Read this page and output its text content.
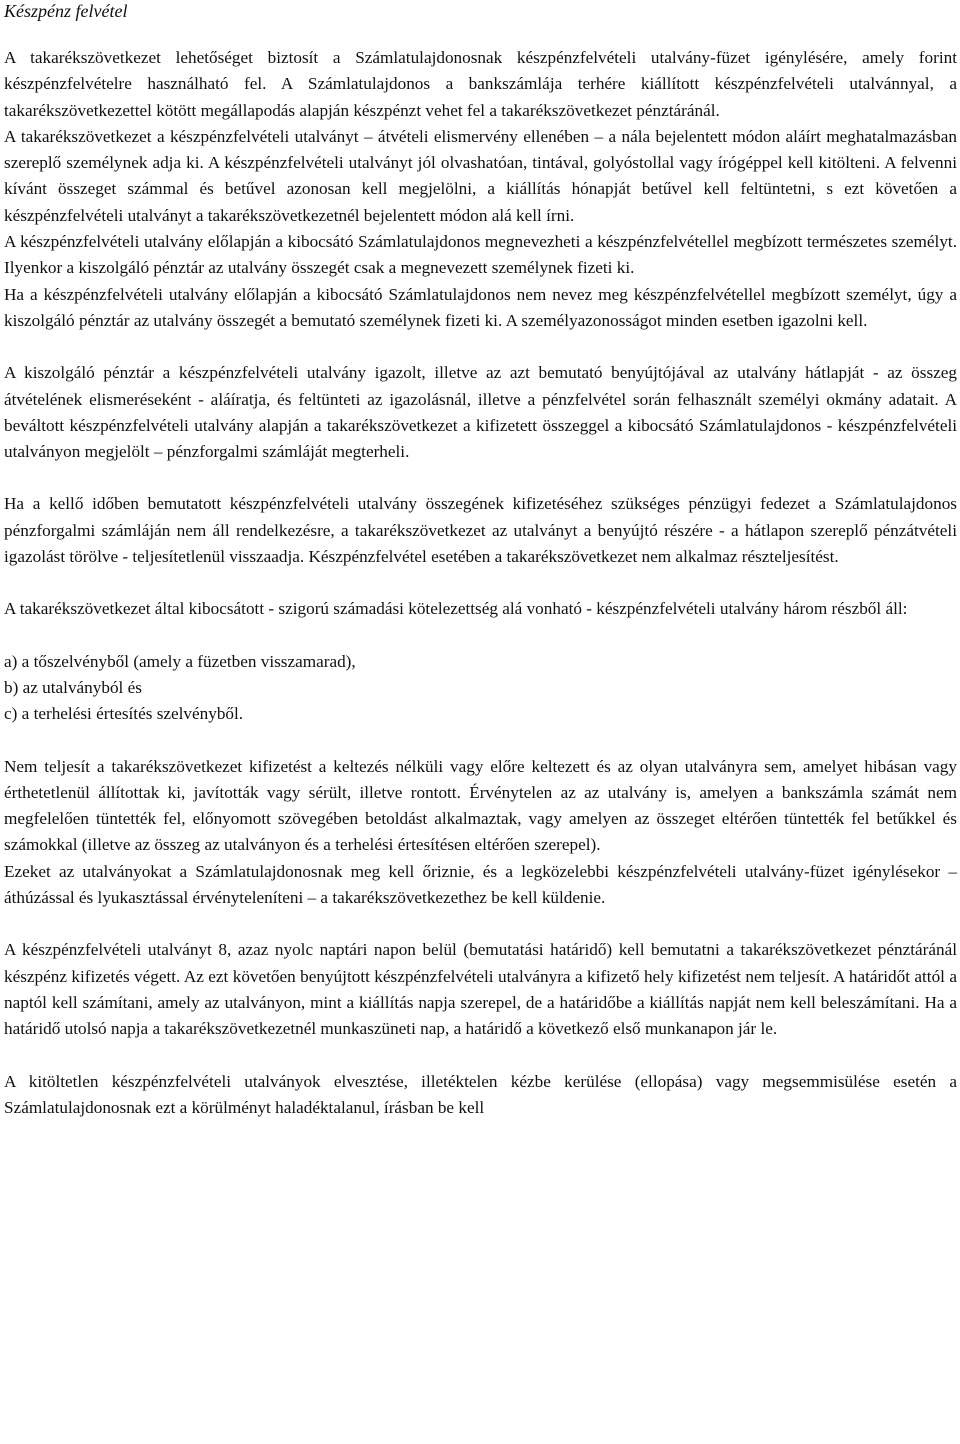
Készpénz felvétel

A takarékszövetkezet lehetőséget biztosít a Számlatulajdonosnak készpénzfelvételi utalvány-füzet igénylésére, amely forint készpénzfelvételre használható fel. A Számlatulajdonos a bankszámlája terhére kiállított készpénzfelvételi utalvánnyal, a takarékszövetkezettel kötött megállapodás alapján készpénzt vehet fel a takarékszövetkezet pénztáránál.

A takarékszövetkezet a készpénzfelvételi utalványt – átvételi elismervény ellenében – a nála bejelentett módon aláírt meghatalmazásban szereplő személynek adja ki. A készpénzfelvételi utalványt jól olvashatóan, tintával, golyóstollal vagy írógéppel kell kitölteni. A felvenni kívánt összeget számmal és betűvel azonosan kell megjelölni, a kiállítás hónapját betűvel kell feltüntetni, s ezt követően a készpénzfelvételi utalványt a takarékszövetkezetnél bejelentett módon alá kell írni.

A készpénzfelvételi utalvány előlapján a kibocsátó Számlatulajdonos megnevezheti a készpénzfelvétellel megbízott természetes személyt. Ilyenkor a kiszolgáló pénztár az utalvány összegét csak a megnevezett személynek fizeti ki.

Ha a készpénzfelvételi utalvány előlapján a kibocsátó Számlatulajdonos nem nevez meg készpénzfelvétellel megbízott személyt, úgy a kiszolgáló pénztár az utalvány összegét a bemutató személynek fizeti ki. A személyazonosságot minden esetben igazolni kell.

A kiszolgáló pénztár a készpénzfelvételi utalvány igazolt, illetve az azt bemutató benyújtójával az utalvány hátlapját - az összeg átvételének elismeréseként - aláíratja, és feltünteti az igazolásnál, illetve a pénzfelvétel során felhasznált személyi okmány adatait. A beváltott készpénzfelvételi utalvány alapján a takarékszövetkezet a kifizetett összeggel a kibocsátó Számlatulajdonos - készpénzfelvételi utalványon megjelölt – pénzforgalmi számláját megterheli.

Ha a kellő időben bemutatott készpénzfelvételi utalvány összegének kifizetéséhez szükséges pénzügyi fedezet a Számlatulajdonos pénzforgalmi számláján nem áll rendelkezésre, a takarékszövetkezet az utalványt a benyújtó részére - a hátlapon szereplő pénzátvételi igazolást törölve - teljesítetlenül visszaadja. Készpénzfelvétel esetében a takarékszövetkezet nem alkalmaz részteljesítést.

A takarékszövetkezet által kibocsátott - szigorú számadási kötelezettség alá vonható - készpénzfelvételi utalvány három részből áll:

a) a tőszelvényből (amely a füzetben visszamarad),

b) az utalványból és

c) a terhelési értesítés szelvényből.

Nem teljesít a takarékszövetkezet kifizetést a keltezés nélküli vagy előre keltezett és az olyan utalványra sem, amelyet hibásan vagy érthetetlenül állítottak ki, javították vagy sérült, illetve rontott. Érvénytelen az az utalvány is, amelyen a bankszámla számát nem megfelelően tüntették fel, előnyomott szövegében betoldást alkalmaztak, vagy amelyen az összeget eltérően tüntették fel betűkkel és számokkal (illetve az összeg az utalványon és a terhelési értesítésen eltérően szerepel).

Ezeket az utalványokat a Számlatulajdonosnak meg kell őriznie, és a legközelebbi készpénzfelvételi utalvány-füzet igénylésekor – áthúzással és lyukasztással érvényteleníteni – a takarékszövetkezethez be kell küldenie.

A készpénzfelvételi utalványt 8, azaz nyolc naptári napon belül (bemutatási határidő) kell bemutatni a takarékszövetkezet pénztáránál készpénz kifizetés végett. Az ezt követően benyújtott készpénzfelvételi utalványra a kifizető hely kifizetést nem teljesít. A határidőt attól a naptól kell számítani, amely az utalványon, mint a kiállítás napja szerepel, de a határidőbe a kiállítás napját nem kell beleszámítani. Ha a határidő utolsó napja a takarékszövetkezetnél munkaszüneti nap, a határidő a következő első munkanapon jár le.

A kitöltetlen készpénzfelvételi utalványok elvesztése, illetéktelen kézbe kerülése (ellopása) vagy megsemmisülése esetén a Számlatulajdonosnak ezt a körülményt haladéktalanul, írásban be kell
